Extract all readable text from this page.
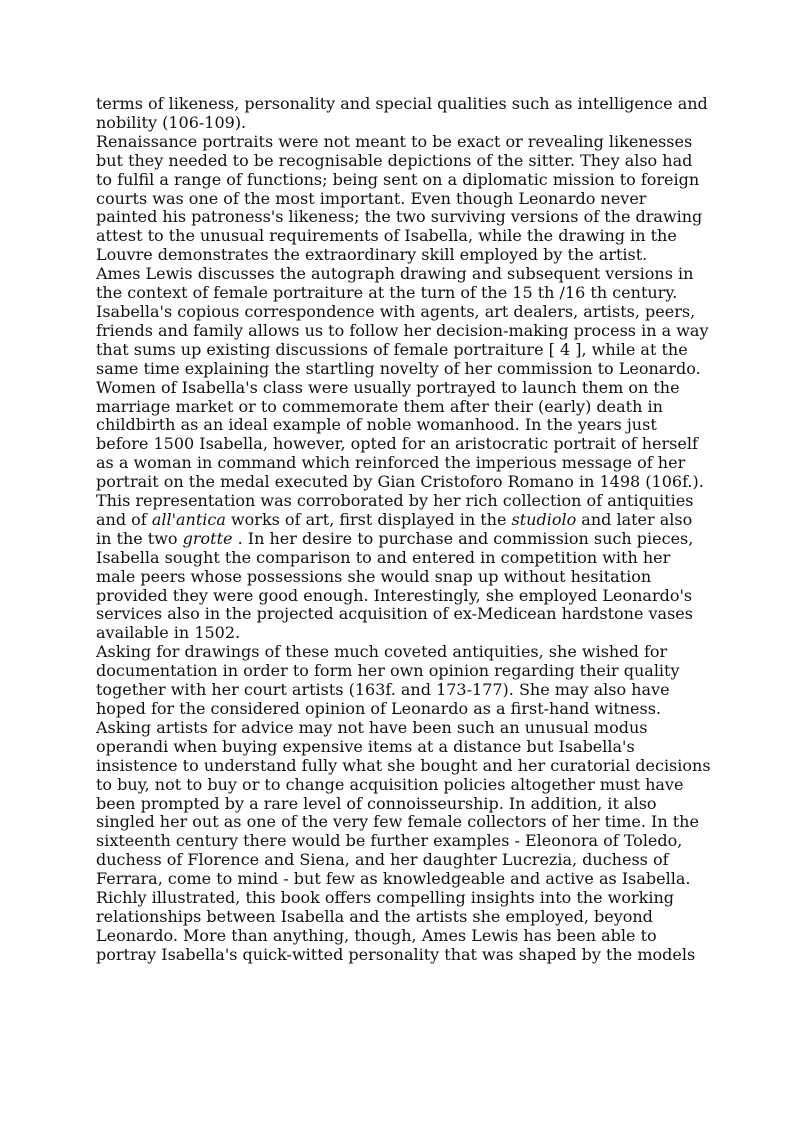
terms of likeness, personality and special qualities such as intelligence and nobility (106-109).

Renaissance portraits were not meant to be exact or revealing likenesses but they needed to be recognisable depictions of the sitter. They also had to fulfil a range of functions; being sent on a diplomatic mission to foreign courts was one of the most important. Even though Leonardo never painted his patroness's likeness; the two surviving versions of the drawing attest to the unusual requirements of Isabella, while the drawing in the Louvre demonstrates the extraordinary skill employed by the artist.

Ames Lewis discusses the autograph drawing and subsequent versions in the context of female portraiture at the turn of the 15 th /16 th century. Isabella's copious correspondence with agents, art dealers, artists, peers, friends and family allows us to follow her decision-making process in a way that sums up existing discussions of female portraiture [ 4 ], while at the same time explaining the startling novelty of her commission to Leonardo. Women of Isabella's class were usually portrayed to launch them on the marriage market or to commemorate them after their (early) death in childbirth as an ideal example of noble womanhood. In the years just before 1500 Isabella, however, opted for an aristocratic portrait of herself as a woman in command which reinforced the imperious message of her portrait on the medal executed by Gian Cristoforo Romano in 1498 (106f.).

This representation was corroborated by her rich collection of antiquities and of all'antica works of art, first displayed in the studiolo and later also in the two grotte . In her desire to purchase and commission such pieces, Isabella sought the comparison to and entered in competition with her male peers whose possessions she would snap up without hesitation provided they were good enough. Interestingly, she employed Leonardo's services also in the projected acquisition of ex-Medicean hardstone vases available in 1502.

Asking for drawings of these much coveted antiquities, she wished for documentation in order to form her own opinion regarding their quality together with her court artists (163f. and 173-177). She may also have hoped for the considered opinion of Leonardo as a first-hand witness. Asking artists for advice may not have been such an unusual modus operandi when buying expensive items at a distance but Isabella's insistence to understand fully what she bought and her curatorial decisions to buy, not to buy or to change acquisition policies altogether must have been prompted by a rare level of connoisseurship. In addition, it also singled her out as one of the very few female collectors of her time. In the sixteenth century there would be further examples - Eleonora of Toledo, duchess of Florence and Siena, and her daughter Lucrezia, duchess of Ferrara, come to mind - but few as knowledgeable and active as Isabella.

Richly illustrated, this book offers compelling insights into the working relationships between Isabella and the artists she employed, beyond Leonardo. More than anything, though, Ames Lewis has been able to portray Isabella's quick-witted personality that was shaped by the models
